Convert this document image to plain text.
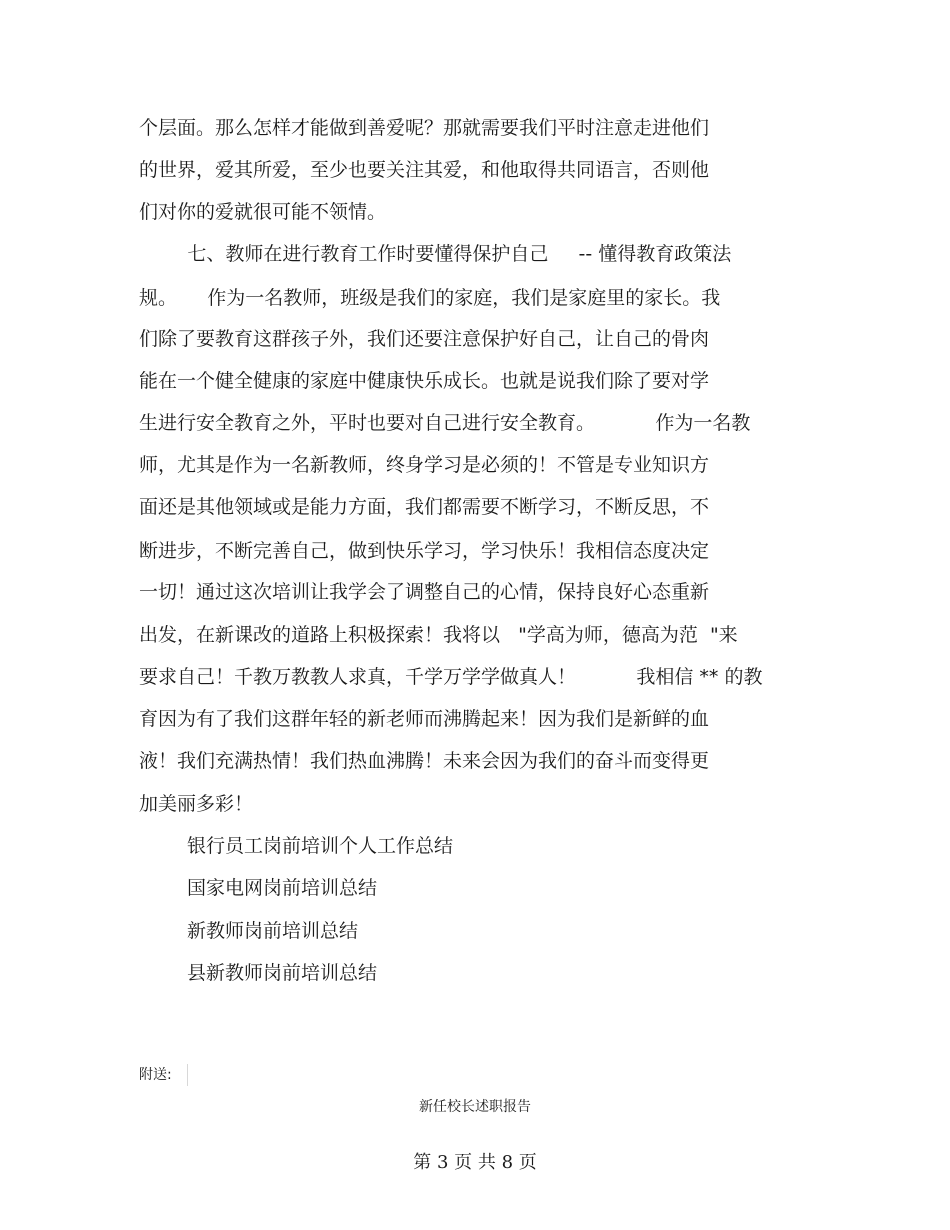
个层面。那么怎样才能做到善爱呢？那就需要我们平时注意走进他们
的世界，爱其所爱，至少也要关注其爱，和他取得共同语言，否则他
们对你的爱就很可能不领情。
七、教师在进行教育工作时要懂得保护自己     -- 懂得教育政策法
规。     作为一名教师，班级是我们的家庭，我们是家庭里的家长。我
们除了要教育这群孩子外，我们还要注意保护好自己，让自己的骨肉
能在一个健全健康的家庭中健康快乐成长。也就是说我们除了要对学
生进行安全教育之外，平时也要对自己进行安全教育。          作为一名教
师，尤其是作为一名新教师，终身学习是必须的！不管是专业知识方
面还是其他领域或是能力方面，我们都需要不断学习，不断反思，不
断进步，不断完善自己，做到快乐学习，学习快乐！我相信态度决定
一切！通过这次培训让我学会了调整自己的心情，保持良好心态重新
出发，在新课改的道路上积极探索！我将以   "学高为师，德高为范  "来
要求自己！千教万教教人求真，千学万学学做真人！          我相信 ** 的教
育因为有了我们这群年轻的新老师而沸腾起来！因为我们是新鲜的血
液！我们充满热情！我们热血沸腾！未来会因为我们的奋斗而变得更
加美丽多彩！
银行员工岗前培训个人工作总结
国家电网岗前培训总结
新教师岗前培训总结
县新教师岗前培训总结
附送:
新任校长述职报告
第 3 页 共 8 页
